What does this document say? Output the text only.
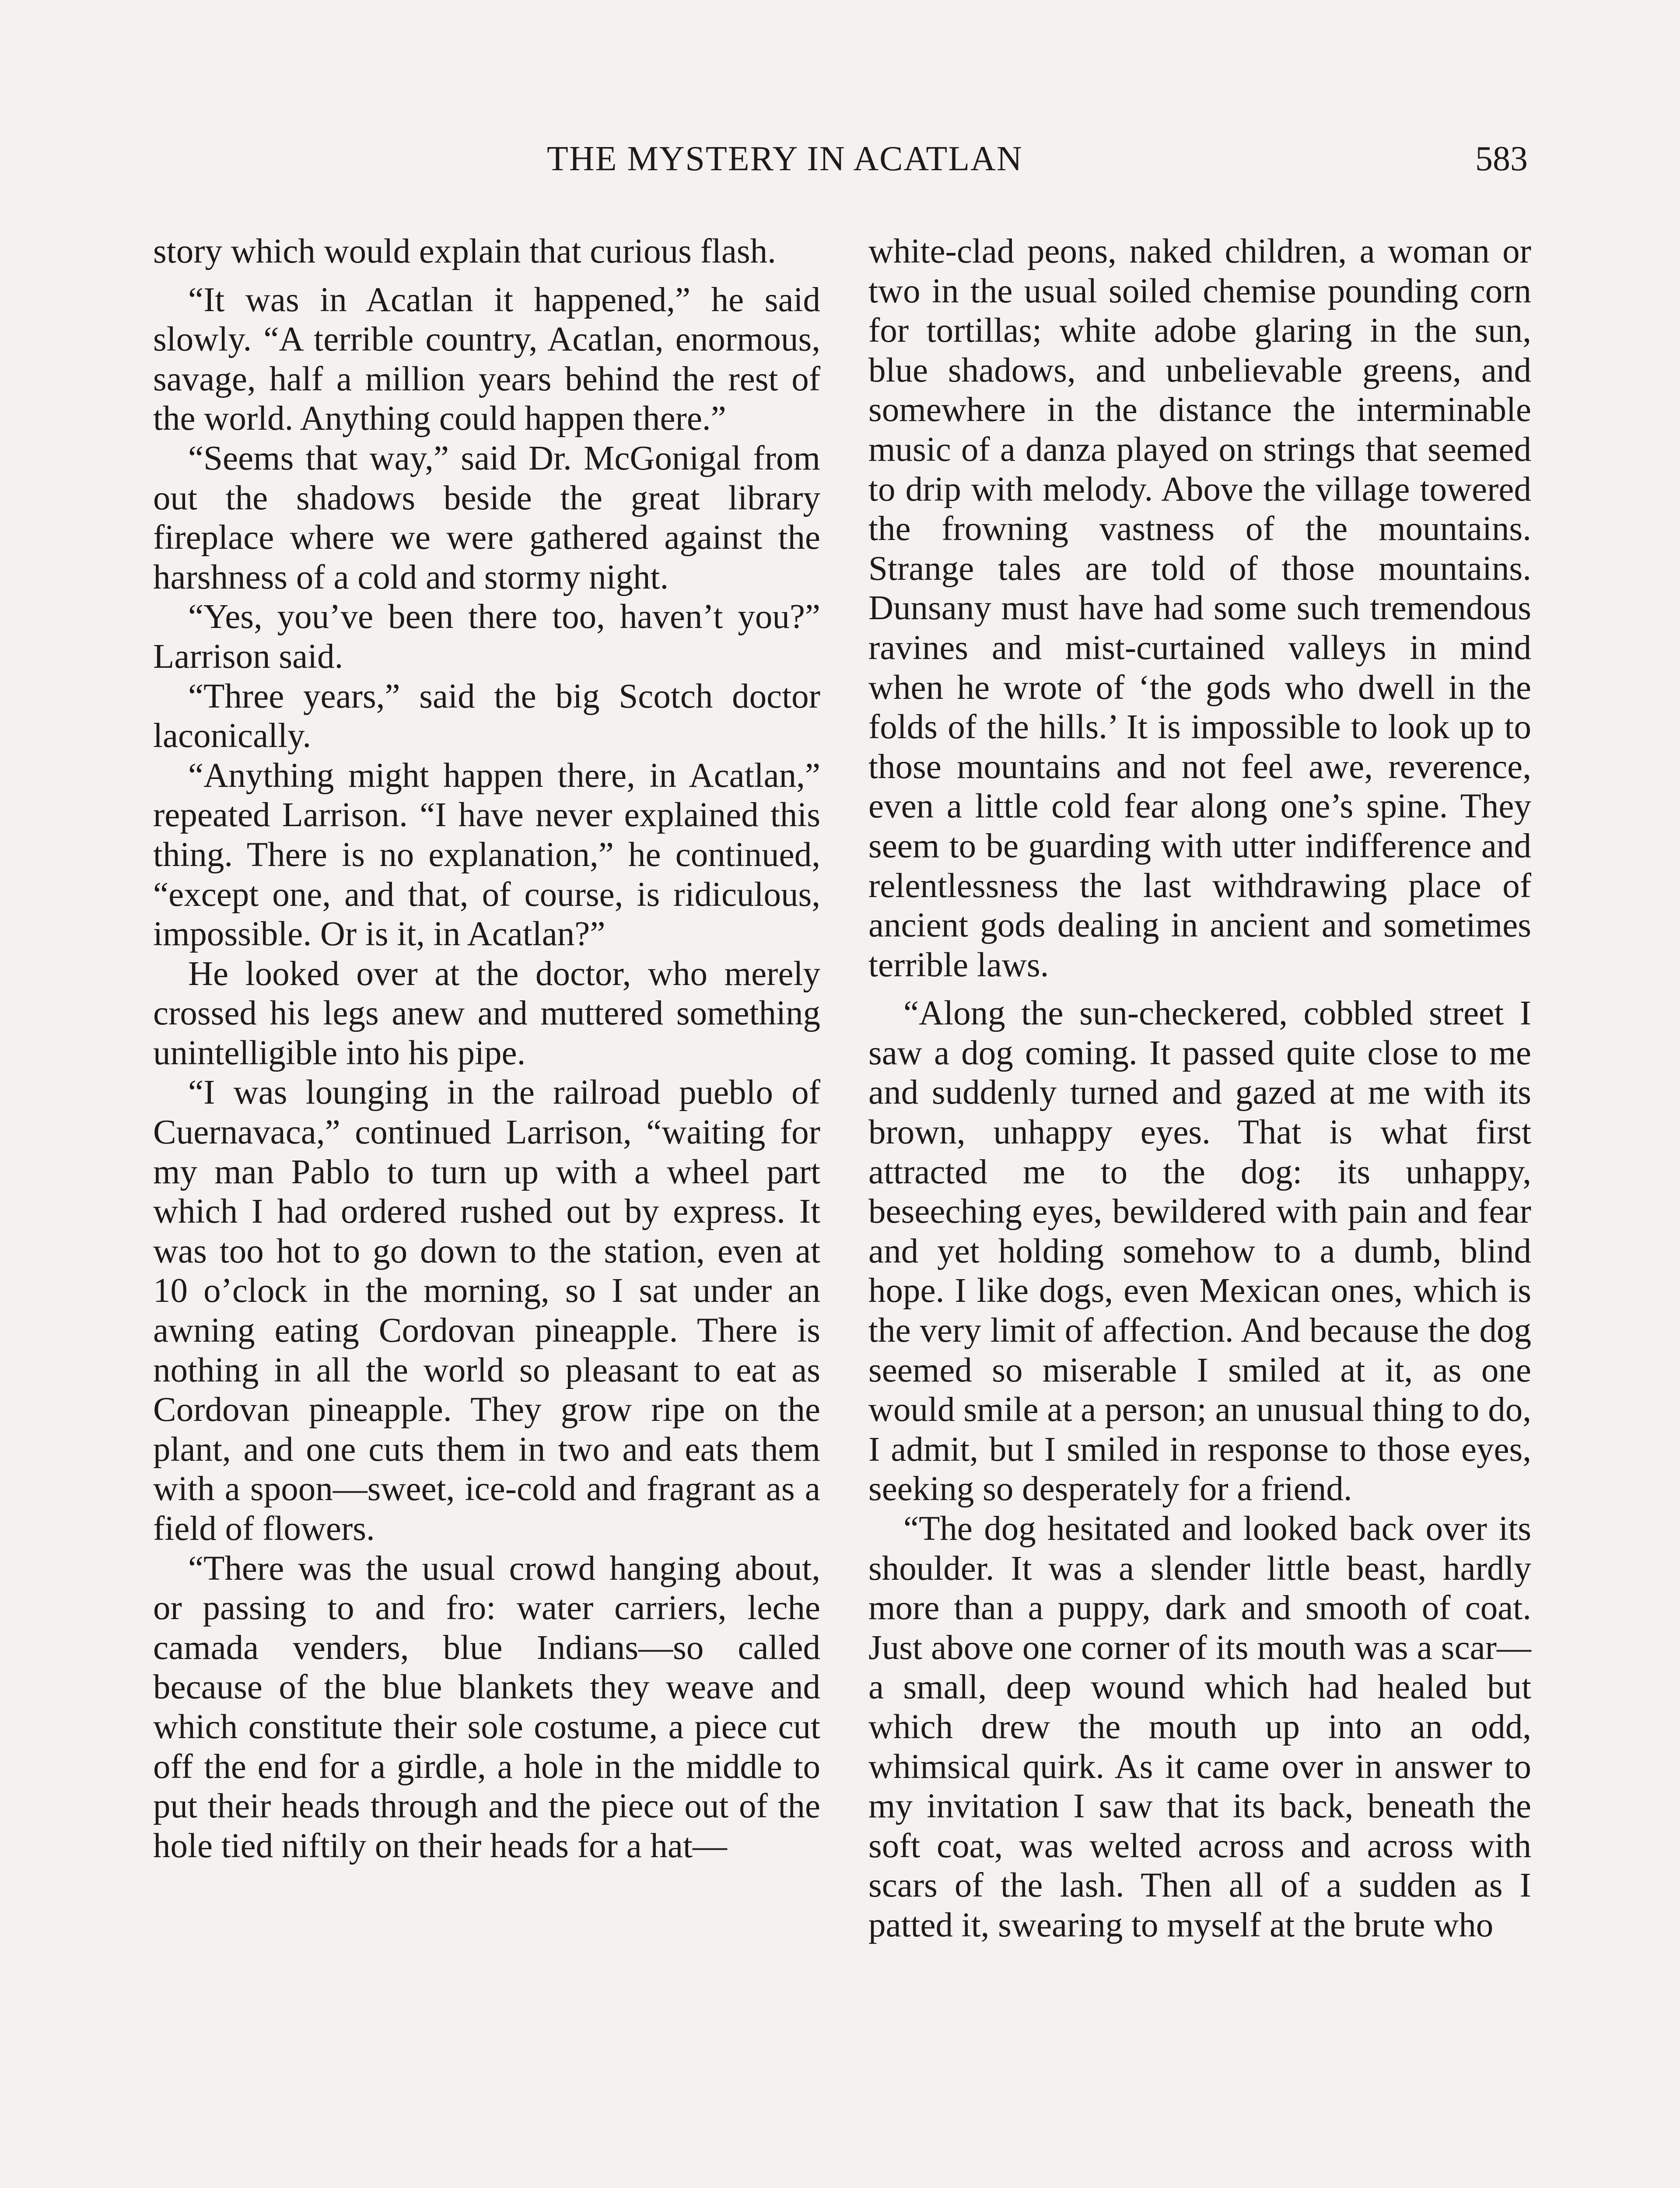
THE MYSTERY IN ACATLAN	583

story which would explain that curious flash.

“It was in Acatlan it happened,” he said slowly. “A terrible country, Acatlan, enormous, savage, half a million years behind the rest of the world. Anything could happen there.”

“Seems that way,” said Dr. McGonigal from out the shadows beside the great library fireplace where we were gathered against the harshness of a cold and stormy night.

“Yes, you’ve been there too, haven’t you?” Larrison said.

“Three years,” said the big Scotch doctor laconically.

“Anything might happen there, in Acatlan,” repeated Larrison. “I have never explained this thing. There is no explanation,” he continued, “except one, and that, of course, is ridiculous, impossible. Or is it, in Acatlan?”

He looked over at the doctor, who merely crossed his legs anew and muttered something unintelligible into his pipe.

“I was lounging in the railroad pueblo of Cuernavaca,” continued Larrison, “waiting for my man Pablo to turn up with a wheel part which I had ordered rushed out by express. It was too hot to go down to the station, even at 10 o’clock in the morning, so I sat under an awning eating Cordovan pineapple. There is nothing in all the world so pleasant to eat as Cordovan pineapple. They grow ripe on the plant, and one cuts them in two and eats them with a spoon—sweet, ice-cold and fragrant as a field of flowers.

“There was the usual crowd hanging about, or passing to and fro: water carriers, leche camada venders, blue Indians—so called because of the blue blankets they weave and which constitute their sole costume, a piece cut off the end for a girdle, a hole in the middle to put their heads through and the piece out of the hole tied niftily on their heads for a hat—

white-clad peons, naked children, a woman or two in the usual soiled chemise pounding corn for tortillas; white adobe glaring in the sun, blue shadows, and unbelievable greens, and somewhere in the distance the interminable music of a danza played on strings that seemed to drip with melody. Above the village towered the frowning vastness of the mountains. Strange tales are told of those mountains. Dunsany must have had some such tremendous ravines and mist-curtained valleys in mind when he wrote of ‘the gods who dwell in the folds of the hills.’ It is impossible to look up to those mountains and not feel awe, reverence, even a little cold fear along one’s spine. They seem to be guarding with utter indifference and relentlessness the last withdrawing place of ancient gods dealing in ancient and sometimes terrible laws.

“Along the sun-checkered, cobbled street I saw a dog coming. It passed quite close to me and suddenly turned and gazed at me with its brown, unhappy eyes. That is what first attracted me to the dog: its unhappy, beseeching eyes, bewildered with pain and fear and yet holding somehow to a dumb, blind hope. I like dogs, even Mexican ones, which is the very limit of affection. And because the dog seemed so miserable I smiled at it, as one would smile at a person; an unusual thing to do, I admit, but I smiled in response to those eyes, seeking so desperately for a friend.

“The dog hesitated and looked back over its shoulder. It was a slender little beast, hardly more than a puppy, dark and smooth of coat. Just above one corner of its mouth was a scar—a small, deep wound which had healed but which drew the mouth up into an odd, whimsical quirk. As it came over in answer to my invitation I saw that its back, beneath the soft coat, was welted across and across with scars of the lash. Then all of a sudden as I patted it, swearing to myself at the brute who
